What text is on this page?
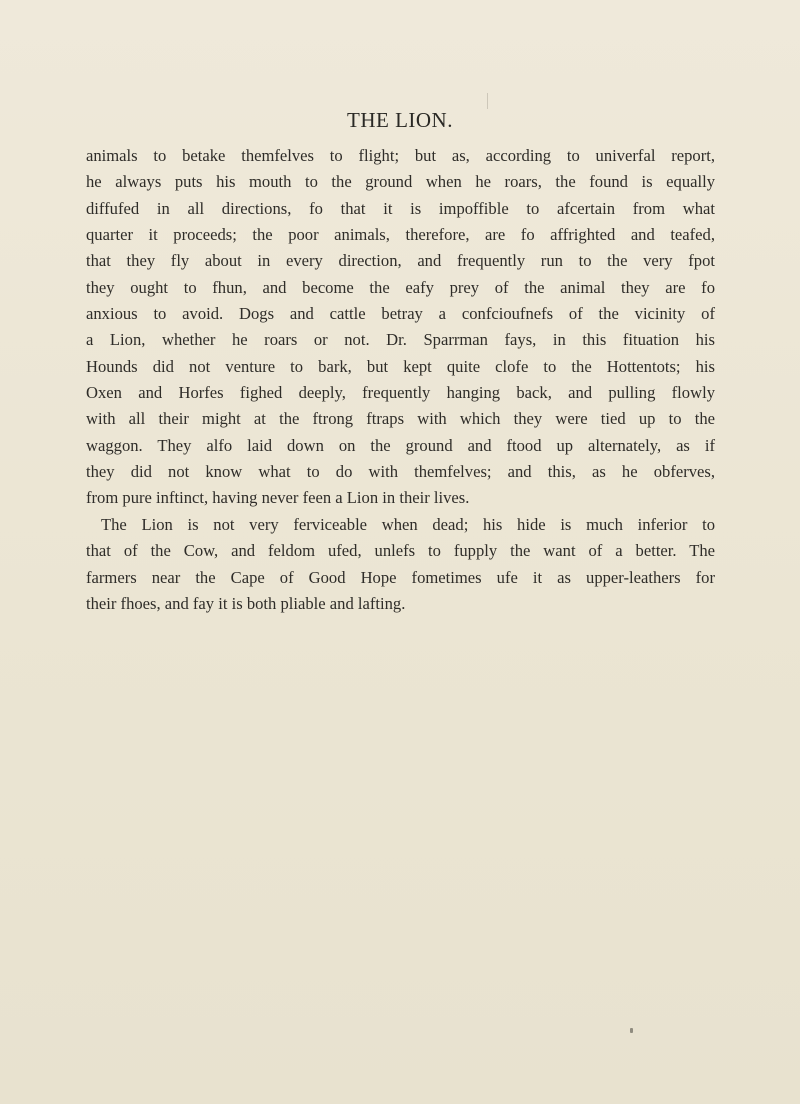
THE LION.
animals to betake themfelves to flight; but as, according to univerfal report,
he always puts his mouth to the ground when he roars, the found is equally
diffufed in all directions, fo that it is impoffible to afcertain from what
quarter it proceeds; the poor animals, therefore, are fo affrighted and teafed,
that they fly about in every direction, and frequently run to the very fpot
they ought to fhun, and become the eafy prey of the animal they are fo
anxious to avoid. Dogs and cattle betray a confcioufnefs of the vicinity of
a Lion, whether he roars or not. Dr. Sparrman fays, in this fituation his
Hounds did not venture to bark, but kept quite clofe to the Hottentots; his
Oxen and Horfes fighed deeply, frequently hanging back, and pulling flowly
with all their might at the ftrong ftraps with which they were tied up to the
waggon. They alfo laid down on the ground and ftood up alternately, as if
they did not know what to do with themfelves; and this, as he obferves,
from pure inftinct, having never feen a Lion in their lives.
The Lion is not very ferviceable when dead; his hide is much inferior to
that of the Cow, and feldom ufed, unlefs to fupply the want of a better. The
farmers near the Cape of Good Hope fometimes ufe it as upper-leathers for
their fhoes, and fay it is both pliable and lafting.
